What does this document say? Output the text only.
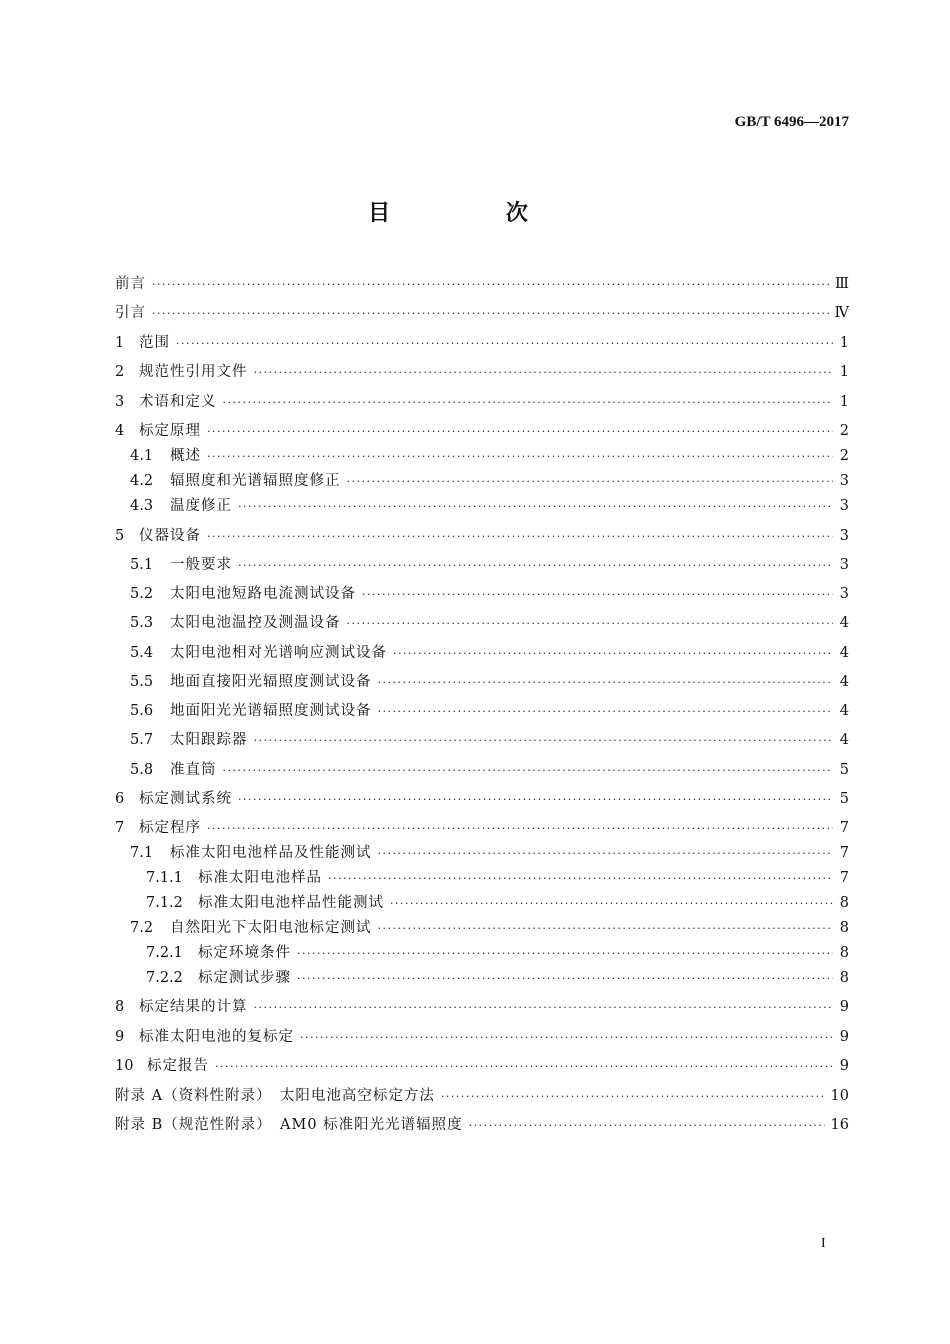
GB/T 6496—2017
目 次
前言 ·····	Ⅲ
引言 ·····	Ⅳ
1	范围 ·····	1
2	规范性引用文件 ·····	1
3	术语和定义 ·····	1
4	标定原理 ·····	2
4.1	概述 ·····	2
4.2	辐照度和光谱辐照度修正 ·····	3
4.3	温度修正 ·····	3
5	仪器设备 ·····	3
5.1	一般要求 ·····	3
5.2	太阳电池短路电流测试设备 ·····	3
5.3	太阳电池温控及测温设备 ·····	4
5.4	太阳电池相对光谱响应测试设备 ·····	4
5.5	地面直接阳光辐照度测试设备 ·····	4
5.6	地面阳光光谱辐照度测试设备 ·····	4
5.7	太阳跟踪器 ·····	4
5.8	准直筒 ·····	5
6	标定测试系统 ·····	5
7	标定程序 ·····	7
7.1	标准太阳电池样品及性能测试 ·····	7
7.1.1	标准太阳电池样品 ·····	7
7.1.2	标准太阳电池样品性能测试 ·····	8
7.2	自然阳光下太阳电池标定测试 ·····	8
7.2.1	标定环境条件 ·····	8
7.2.2	标定测试步骤 ·····	8
8	标定结果的计算 ·····	9
9	标准太阳电池的复标定 ·····	9
10 标定报告 ·····	9
附录 A（资料性附录）　太阳电池高空标定方法 ·····	10
附录 B（规范性附录）　AM0 标准阳光光谱辐照度 ·····	16
I
